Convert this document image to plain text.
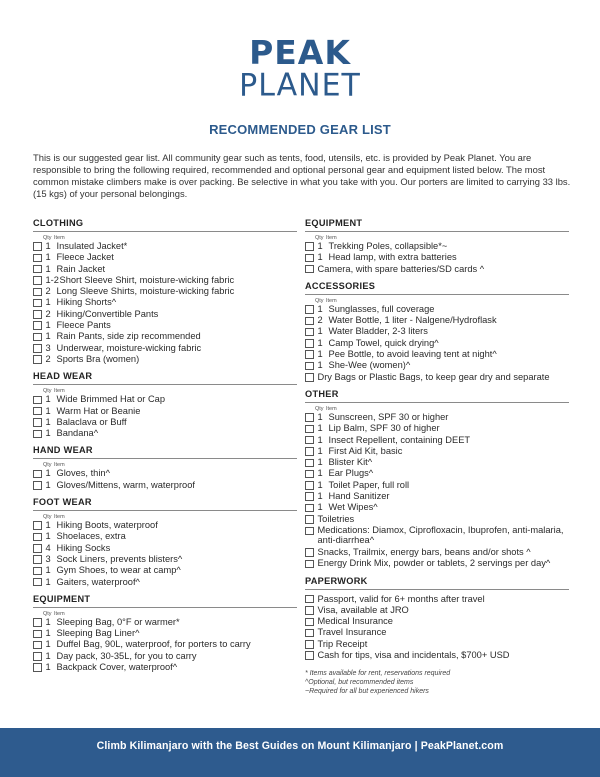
PEAK
PLANET
RECOMMENDED GEAR LIST
This is our suggested gear list. All community gear such as tents, food, utensils, etc. is provided by Peak Planet. You are responsible to bring the following required, recommended and optional personal gear and equipment listed below. The most common mistake climbers make is over packing. Be selective in what you take with you. Our porters are limited to carrying 33 lbs. (15 kgs) of your personal belongings.
CLOTHING
Qty Item
1 Insulated Jacket*
1 Fleece Jacket
1 Rain Jacket
1-2 Short Sleeve Shirt, moisture-wicking fabric
2 Long Sleeve Shirts, moisture-wicking fabric
1 Hiking Shorts^
2 Hiking/Convertible Pants
1 Fleece Pants
1 Rain Pants, side zip recommended
3 Underwear, moisture-wicking fabric
2 Sports Bra (women)
HEAD WEAR
Qty Item
1 Wide Brimmed Hat or Cap
1 Warm Hat or Beanie
1 Balaclava or Buff
1 Bandana^
HAND WEAR
Qty Item
1 Gloves, thin^
1 Gloves/Mittens, warm, waterproof
FOOT WEAR
Qty Item
1 Hiking Boots, waterproof
1 Shoelaces, extra
4 Hiking Socks
3 Sock Liners, prevents blisters^
1 Gym Shoes, to wear at camp^
1 Gaiters, waterproof^
EQUIPMENT
Qty Item
1 Sleeping Bag, 0°F or warmer*
1 Sleeping Bag Liner^
1 Duffel Bag, 90L, waterproof, for porters to carry
1 Day pack, 30-35L, for you to carry
1 Backpack Cover, waterproof^
EQUIPMENT
Qty Item
1 Trekking Poles, collapsible*~
1 Head lamp, with extra batteries
Camera, with spare batteries/SD cards ^
ACCESSORIES
Qty Item
1 Sunglasses, full coverage
2 Water Bottle, 1 liter - Nalgene/Hydroflask
1 Water Bladder, 2-3 liters
1 Camp Towel, quick drying^
1 Pee Bottle, to avoid leaving tent at night^
1 She-Wee (women)^
Dry Bags or Plastic Bags, to keep gear dry and separate
OTHER
Qty Item
1 Sunscreen, SPF 30 or higher
1 Lip Balm, SPF 30 of higher
1 Insect Repellent, containing DEET
1 First Aid Kit, basic
1 Blister Kit^
1 Ear Plugs^
1 Toilet Paper, full roll
1 Hand Sanitizer
1 Wet Wipes^
Toiletries
Medications: Diamox, Ciprofloxacin, Ibuprofen, anti-malaria, anti-diarrhea^
Snacks, Trailmix, energy bars, beans and/or shots ^
Energy Drink Mix, powder or tablets, 2 servings per day^
PAPERWORK
Passport, valid for 6+ months after travel
Visa, available at JRO
Medical Insurance
Travel Insurance
Trip Receipt
Cash for tips, visa and incidentals, $700+ USD
* Items available for rent, reservations required
^Optional, but recommended items
~Required for all but experienced hikers
Climb Kilimanjaro with the Best Guides on Mount Kilimanjaro | PeakPlanet.com
